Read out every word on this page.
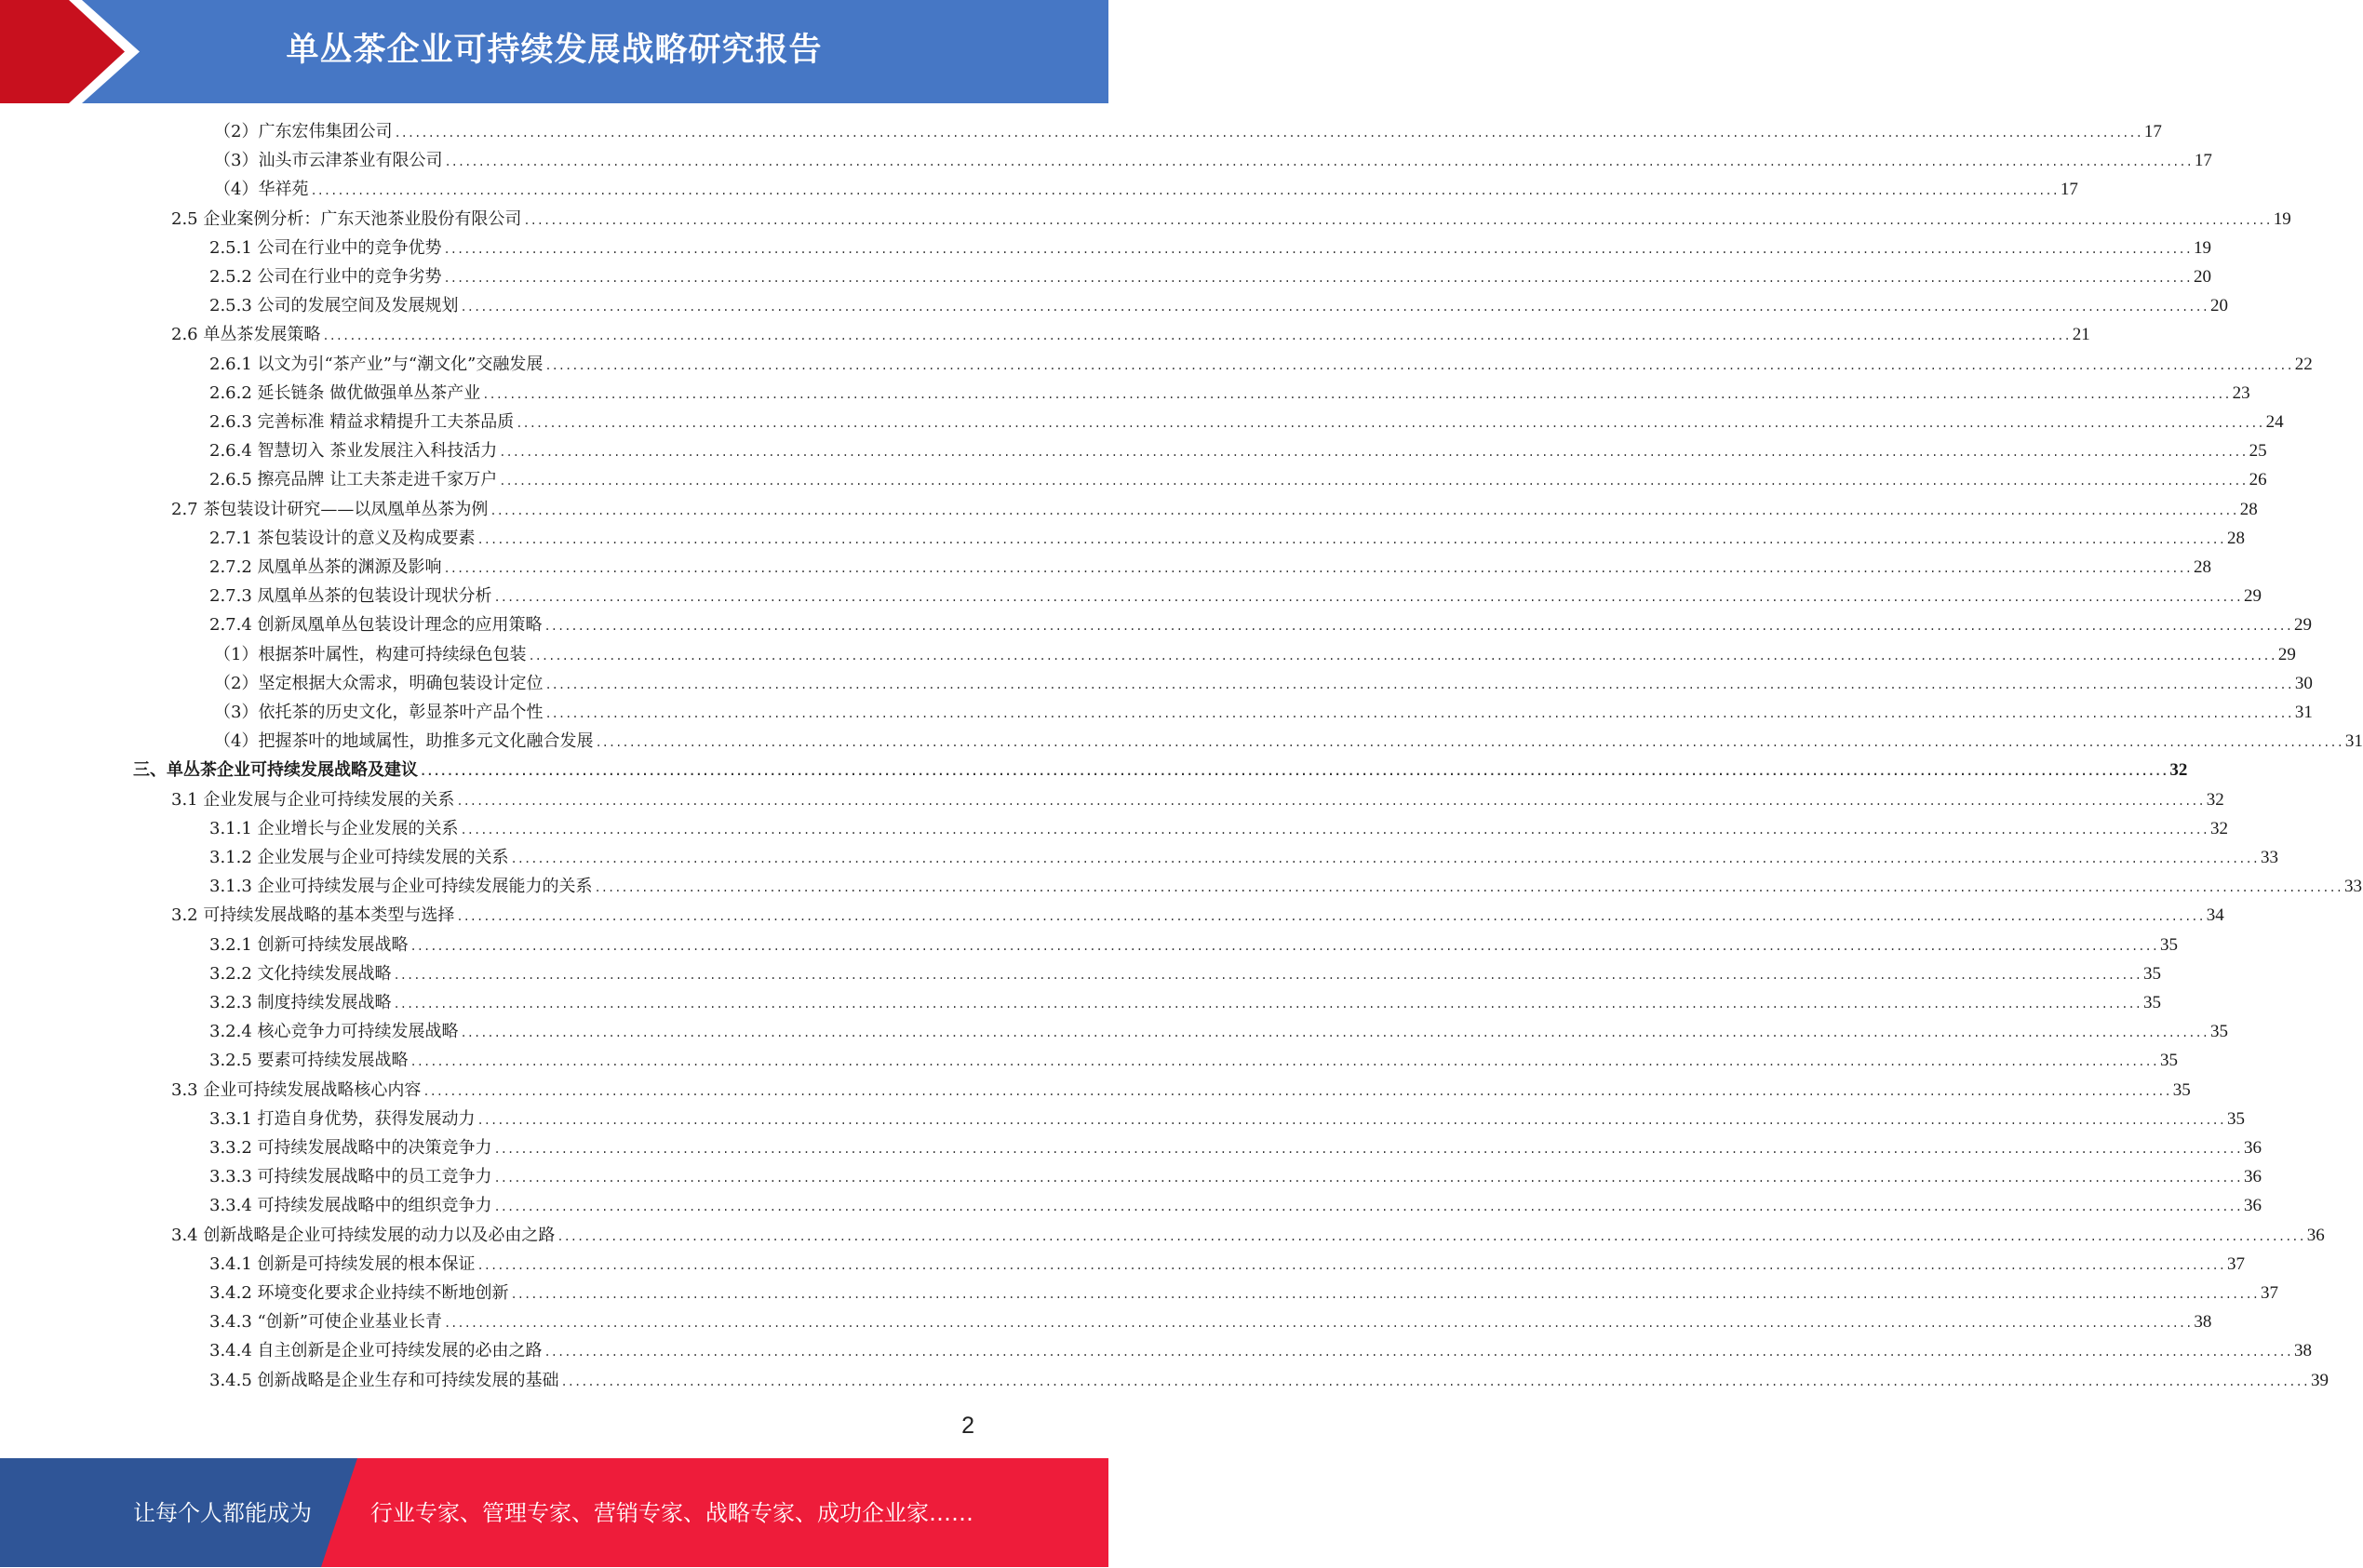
单丛茶企业可持续发展战略研究报告
（2）广东宏伟集团公司 .................................................................................................................................................................................................................................................................... 17
（3）汕头市云津茶业有限公司 .................................................................................................................................................................................................................................................................... 17
（4）华祥苑 .................................................................................................................................................................................................................................................................... 17
2.5 企业案例分析：广东天池茶业股份有限公司 .................................................................................................................................................................................................................................................................... 19
2.5.1 公司在行业中的竞争优势 .................................................................................................................................................................................................................................................................... 19
2.5.2 公司在行业中的竞争劣势 .................................................................................................................................................................................................................................................................... 20
2.5.3 公司的发展空间及发展规划 .................................................................................................................................................................................................................................................................... 20
2.6 单丛茶发展策略 .................................................................................................................................................................................................................................................................... 21
2.6.1 以文为引“茶产业”与“潮文化”交融发展 .................................................................................................................................................................................................................................................................... 22
2.6.2 延长链条 做优做强单丛茶产业 .................................................................................................................................................................................................................................................................... 23
2.6.3 完善标准 精益求精提升工夫茶品质 .................................................................................................................................................................................................................................................................... 24
2.6.4 智慧切入 茶业发展注入科技活力 .................................................................................................................................................................................................................................................................... 25
2.6.5 擦亮品牌 让工夫茶走进千家万户 .................................................................................................................................................................................................................................................................... 26
2.7 茶包装设计研究——以凤凰单丛茶为例 .................................................................................................................................................................................................................................................................... 28
2.7.1 茶包装设计的意义及构成要素 .................................................................................................................................................................................................................................................................... 28
2.7.2 凤凰单丛茶的渊源及影响 .................................................................................................................................................................................................................................................................... 28
2.7.3 凤凰单丛茶的包装设计现状分析 .................................................................................................................................................................................................................................................................... 29
2.7.4 创新凤凰单丛包装设计理念的应用策略 .................................................................................................................................................................................................................................................................... 29
（1）根据茶叶属性，构建可持续绿色包装 .................................................................................................................................................................................................................................................................... 29
（2）坚定根据大众需求，明确包装设计定位 .................................................................................................................................................................................................................................................................... 30
（3）依托茶的历史文化，彰显茶叶产品个性 .................................................................................................................................................................................................................................................................... 31
（4）把握茶叶的地域属性，助推多元文化融合发展 .................................................................................................................................................................................................................................................................... 31
三、单丛茶企业可持续发展战略及建议 .................................................................................................................................................................................................................................................................... 32
3.1 企业发展与企业可持续发展的关系 .................................................................................................................................................................................................................................................................... 32
3.1.1 企业增长与企业发展的关系 .................................................................................................................................................................................................................................................................... 32
3.1.2 企业发展与企业可持续发展的关系 .................................................................................................................................................................................................................................................................... 33
3.1.3 企业可持续发展与企业可持续发展能力的关系 .................................................................................................................................................................................................................................................................... 33
3.2 可持续发展战略的基本类型与选择 .................................................................................................................................................................................................................................................................... 34
3.2.1 创新可持续发展战略 .................................................................................................................................................................................................................................................................... 35
3.2.2 文化持续发展战略 .................................................................................................................................................................................................................................................................... 35
3.2.3 制度持续发展战略 .................................................................................................................................................................................................................................................................... 35
3.2.4 核心竞争力可持续发展战略 .................................................................................................................................................................................................................................................................... 35
3.2.5 要素可持续发展战略 .................................................................................................................................................................................................................................................................... 35
3.3 企业可持续发展战略核心内容 .................................................................................................................................................................................................................................................................... 35
3.3.1 打造自身优势，获得发展动力 .................................................................................................................................................................................................................................................................... 35
3.3.2 可持续发展战略中的决策竞争力 .................................................................................................................................................................................................................................................................... 36
3.3.3 可持续发展战略中的员工竞争力 .................................................................................................................................................................................................................................................................... 36
3.3.4 可持续发展战略中的组织竞争力 .................................................................................................................................................................................................................................................................... 36
3.4 创新战略是企业可持续发展的动力以及必由之路 .................................................................................................................................................................................................................................................................... 36
3.4.1 创新是可持续发展的根本保证 .................................................................................................................................................................................................................................................................... 37
3.4.2 环境变化要求企业持续不断地创新 .................................................................................................................................................................................................................................................................... 37
3.4.3 “创新”可使企业基业长青 .................................................................................................................................................................................................................................................................... 38
3.4.4 自主创新是企业可持续发展的必由之路 .................................................................................................................................................................................................................................................................... 38
3.4.5 创新战略是企业生存和可持续发展的基础 .................................................................................................................................................................................................................................................................... 39
2
让每个人都能成为	行业专家、管理专家、营销专家、战略专家、成功企业家……
